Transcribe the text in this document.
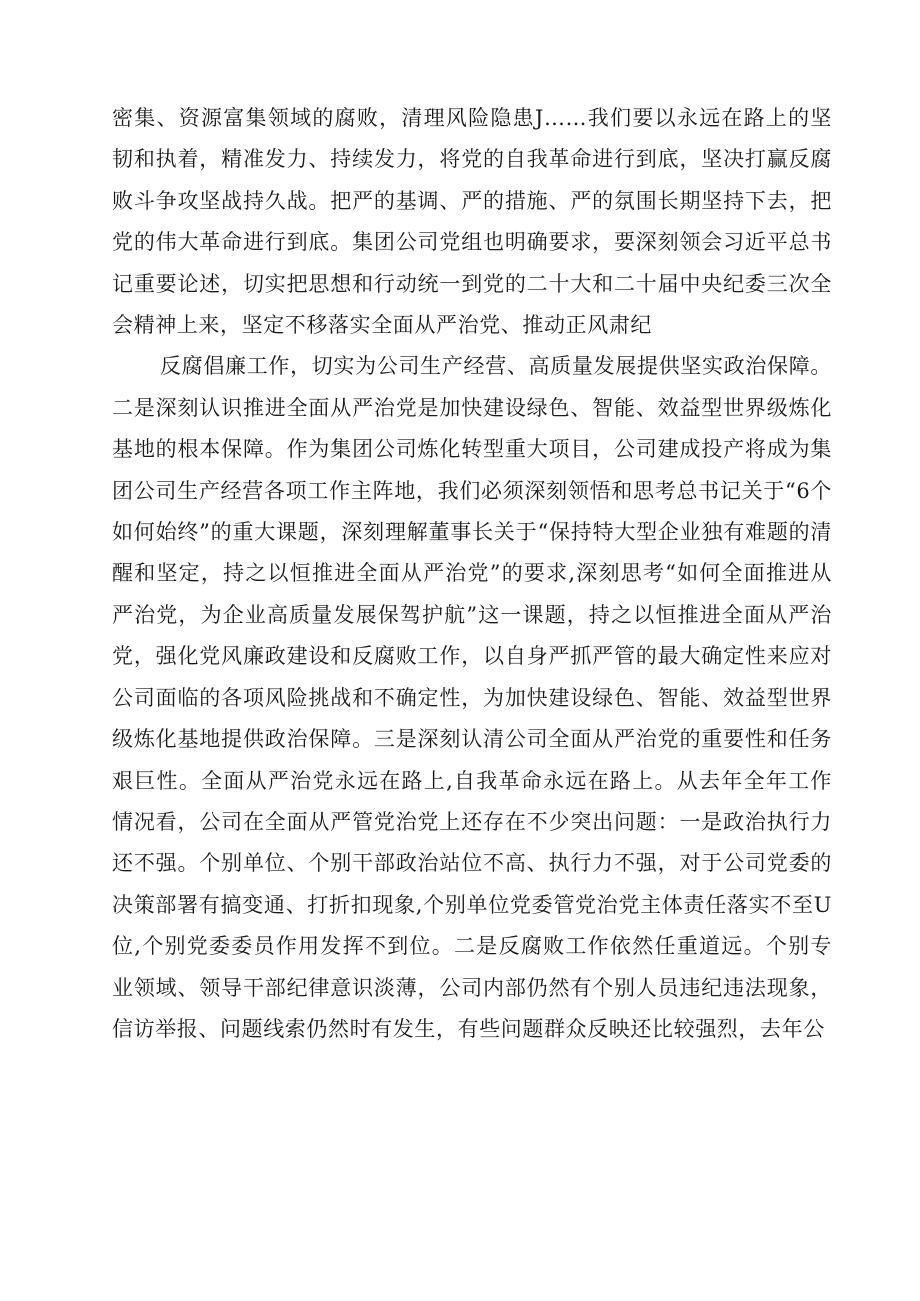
密集、资源富集领域的腐败，清理风险隐患J……我们要以永远在路上的坚韧和执着，精准发力、持续发力，将党的自我革命进行到底，坚决打赢反腐败斗争攻坚战持久战。把严的基调、严的措施、严的氛围长期坚持下去，把党的伟大革命进行到底。集团公司党组也明确要求，要深刻领会习近平总书记重要论述，切实把思想和行动统一到党的二十大和二十届中央纪委三次全会精神上来，坚定不移落实全面从严治党、推动正风肃纪

反腐倡廉工作，切实为公司生产经营、高质量发展提供坚实政治保障。二是深刻认识推进全面从严治党是加快建设绿色、智能、效益型世界级炼化基地的根本保障。作为集团公司炼化转型重大项目，公司建成投产将成为集团公司生产经营各项工作主阵地，我们必须深刻领悟和思考总书记关于“6个如何始终”的重大课题，深刻理解董事长关于“保持特大型企业独有难题的清醒和坚定，持之以恒推进全面从严治党”的要求,深刻思考“如何全面推进从严治党，为企业高质量发展保驾护航”这一课题，持之以恒推进全面从严治党，强化党风廉政建设和反腐败工作，以自身严抓严管的最大确定性来应对公司面临的各项风险挑战和不确定性，为加快建设绿色、智能、效益型世界级炼化基地提供政治保障。三是深刻认清公司全面从严治党的重要性和任务艰巨性。全面从严治党永远在路上,自我革命永远在路上。从去年全年工作情况看，公司在全面从严管党治党上还存在不少突出问题：一是政治执行力还不强。个别单位、个别干部政治站位不高、执行力不强，对于公司党委的决策部署有搞变通、打折扣现象,个别单位党委管党治党主体责任落实不至U位,个别党委委员作用发挥不到位。二是反腐败工作依然任重道远。个别专业领域、领导干部纪律意识淡薄，公司内部仍然有个别人员违纪违法现象，信访举报、问题线索仍然时有发生，有些问题群众反映还比较强烈，去年公
